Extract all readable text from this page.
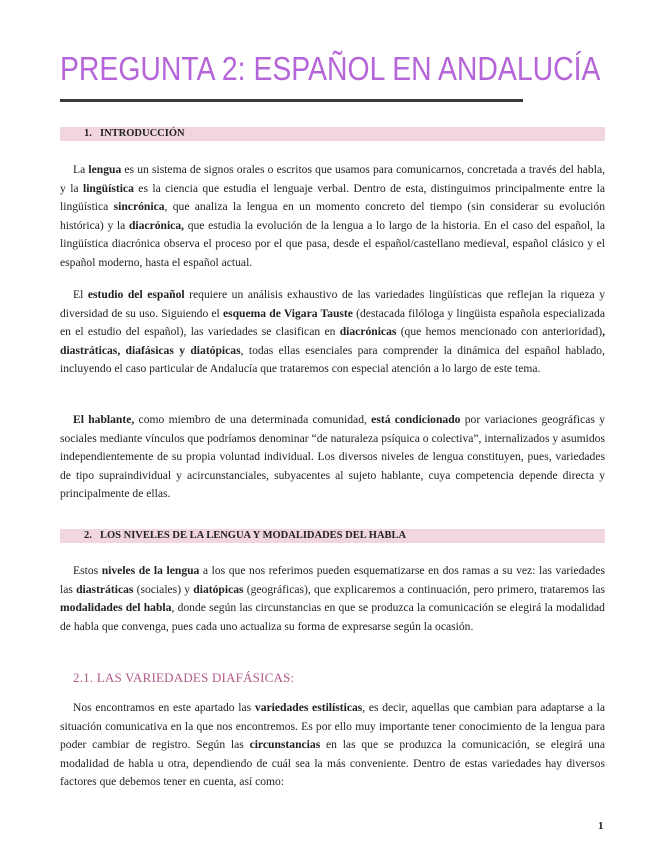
PREGUNTA 2: ESPAÑOL EN ANDALUCÍA
1. INTRODUCCIÓN

La lengua es un sistema de signos orales o escritos que usamos para comunicarnos, concretada a través del habla, y la lingüística es la ciencia que estudia el lenguaje verbal. Dentro de esta, distinguimos principalmente entre la lingüística sincrónica, que analiza la lengua en un momento concreto del tiempo (sin considerar su evolución histórica) y la diacrónica, que estudia la evolución de la lengua a lo largo de la historia. En el caso del español, la lingüística diacrónica observa el proceso por el que pasa, desde el español/castellano medieval, español clásico y el español moderno, hasta el español actual.

El estudio del español requiere un análisis exhaustivo de las variedades lingüísticas que reflejan la riqueza y diversidad de su uso. Siguiendo el esquema de Vigara Tauste (destacada filóloga y lingüista española especializada en el estudio del español), las variedades se clasifican en diacrónicas (que hemos mencionado con anterioridad), diastráticas, diafásicas y diatópicas, todas ellas esenciales para comprender la dinámica del español hablado, incluyendo el caso particular de Andalucía que trataremos con especial atención a lo largo de este tema.

El hablante, como miembro de una determinada comunidad, está condicionado por variaciones geográficas y sociales mediante vínculos que podríamos denominar “de naturaleza psíquica o colectiva”, internalizados y asumidos independientemente de su propia voluntad individual. Los diversos niveles de lengua constituyen, pues, variedades de tipo supraindividual y acircunstanciales, subyacentes al sujeto hablante, cuya competencia depende directa y principalmente de ellas.

2. LOS NIVELES DE LA LENGUA Y MODALIDADES DEL HABLA

Estos niveles de la lengua a los que nos referimos pueden esquematizarse en dos ramas a su vez: las variedades las diastráticas (sociales) y diatópicas (geográficas), que explicaremos a continuación, pero primero, trataremos las modalidades del habla, donde según las circunstancias en que se produzca la comunicación se elegirá la modalidad de habla que convenga, pues cada uno actualiza su forma de expresarse según la ocasión.

2.1. LAS VARIEDADES DIAFÁSICAS:

Nos encontramos en este apartado las variedades estilísticas, es decir, aquellas que cambian para adaptarse a la situación comunicativa en la que nos encontremos. Es por ello muy importante tener conocimiento de la lengua para poder cambiar de registro. Según las circunstancias en las que se produzca la comunicación, se elegirá una modalidad de habla u otra, dependiendo de cuál sea la más conveniente. Dentro de estas variedades hay diversos factores que debemos tener en cuenta, así como:

1
